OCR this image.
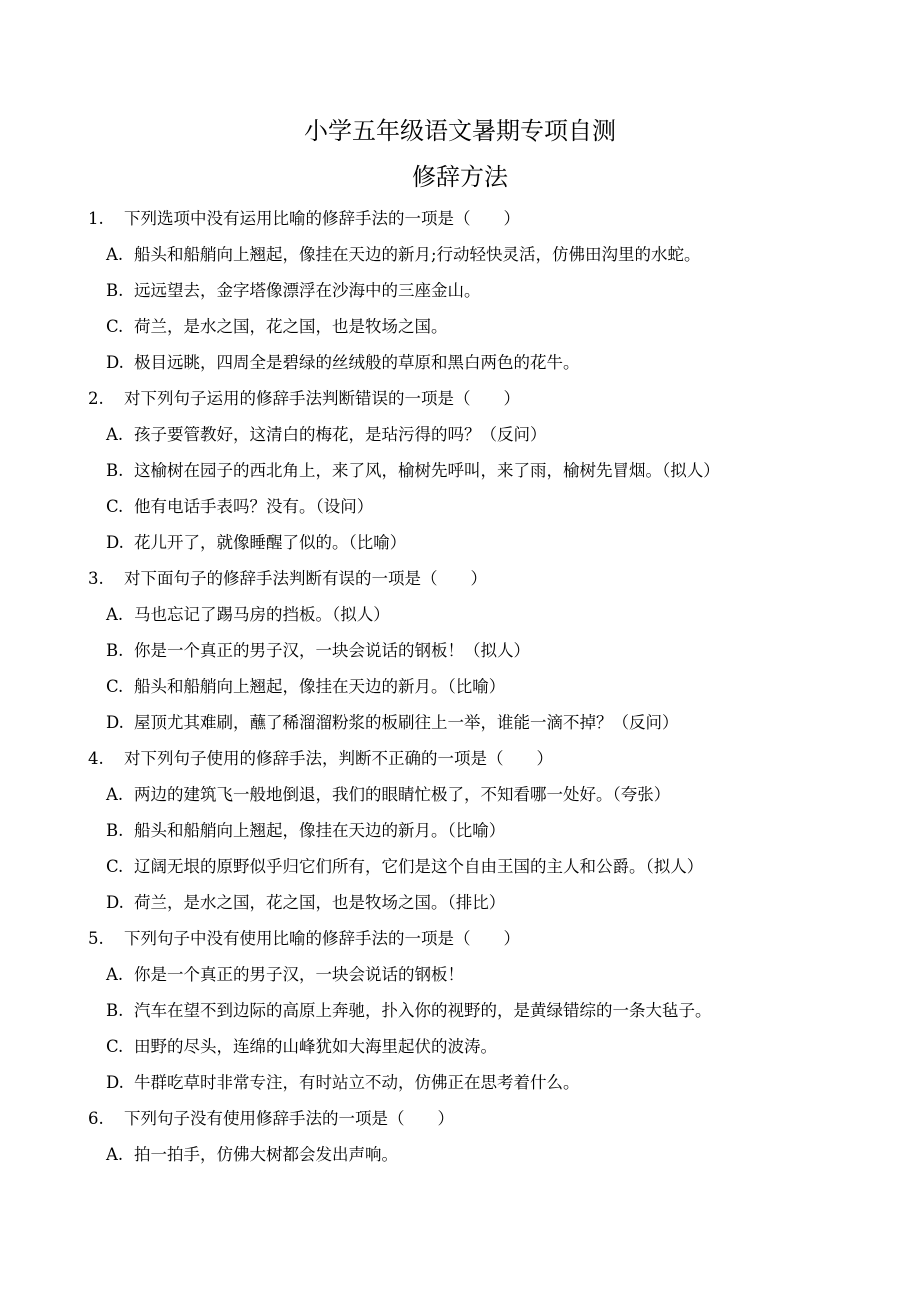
小学五年级语文暑期专项自测
修辞方法
1. 下列选项中没有运用比喻的修辞手法的一项是（　　）
A. 船头和船艄向上翘起，像挂在天边的新月;行动轻快灵活，仿佛田沟里的水蛇。
B. 远远望去，金字塔像漂浮在沙海中的三座金山。
C. 荷兰，是水之国，花之国，也是牧场之国。
D. 极目远眺，四周全是碧绿的丝绒般的草原和黑白两色的花牛。
2. 对下列句子运用的修辞手法判断错误的一项是（　　）
A. 孩子要管教好，这清白的梅花，是玷污得的吗？（反问）
B. 这榆树在园子的西北角上，来了风，榆树先呼叫，来了雨，榆树先冒烟。（拟人）
C. 他有电话手表吗？没有。（设问）
D. 花儿开了，就像睡醒了似的。（比喻）
3. 对下面句子的修辞手法判断有误的一项是（　　）
A. 马也忘记了踢马房的挡板。（拟人）
B. 你是一个真正的男子汉，一块会说话的钢板！（拟人）
C. 船头和船艄向上翘起，像挂在天边的新月。（比喻）
D. 屋顶尤其难刷，蘸了稀溜溜粉浆的板刷往上一举，谁能一滴不掉？（反问）
4. 对下列句子使用的修辞手法，判断不正确的一项是（　　）
A. 两边的建筑飞一般地倒退，我们的眼睛忙极了，不知看哪一处好。（夸张）
B. 船头和船艄向上翘起，像挂在天边的新月。（比喻）
C. 辽阔无垠的原野似乎归它们所有，它们是这个自由王国的主人和公爵。（拟人）
D. 荷兰，是水之国，花之国，也是牧场之国。（排比）
5. 下列句子中没有使用比喻的修辞手法的一项是（　　）
A. 你是一个真正的男子汉，一块会说话的钢板！
B. 汽车在望不到边际的高原上奔驰，扑入你的视野的，是黄绿错综的一条大毡子。
C. 田野的尽头，连绵的山峰犹如大海里起伏的波涛。
D. 牛群吃草时非常专注，有时站立不动，仿佛正在思考着什么。
6. 下列句子没有使用修辞手法的一项是（　　）
A. 拍一拍手，仿佛大树都会发出声响。
